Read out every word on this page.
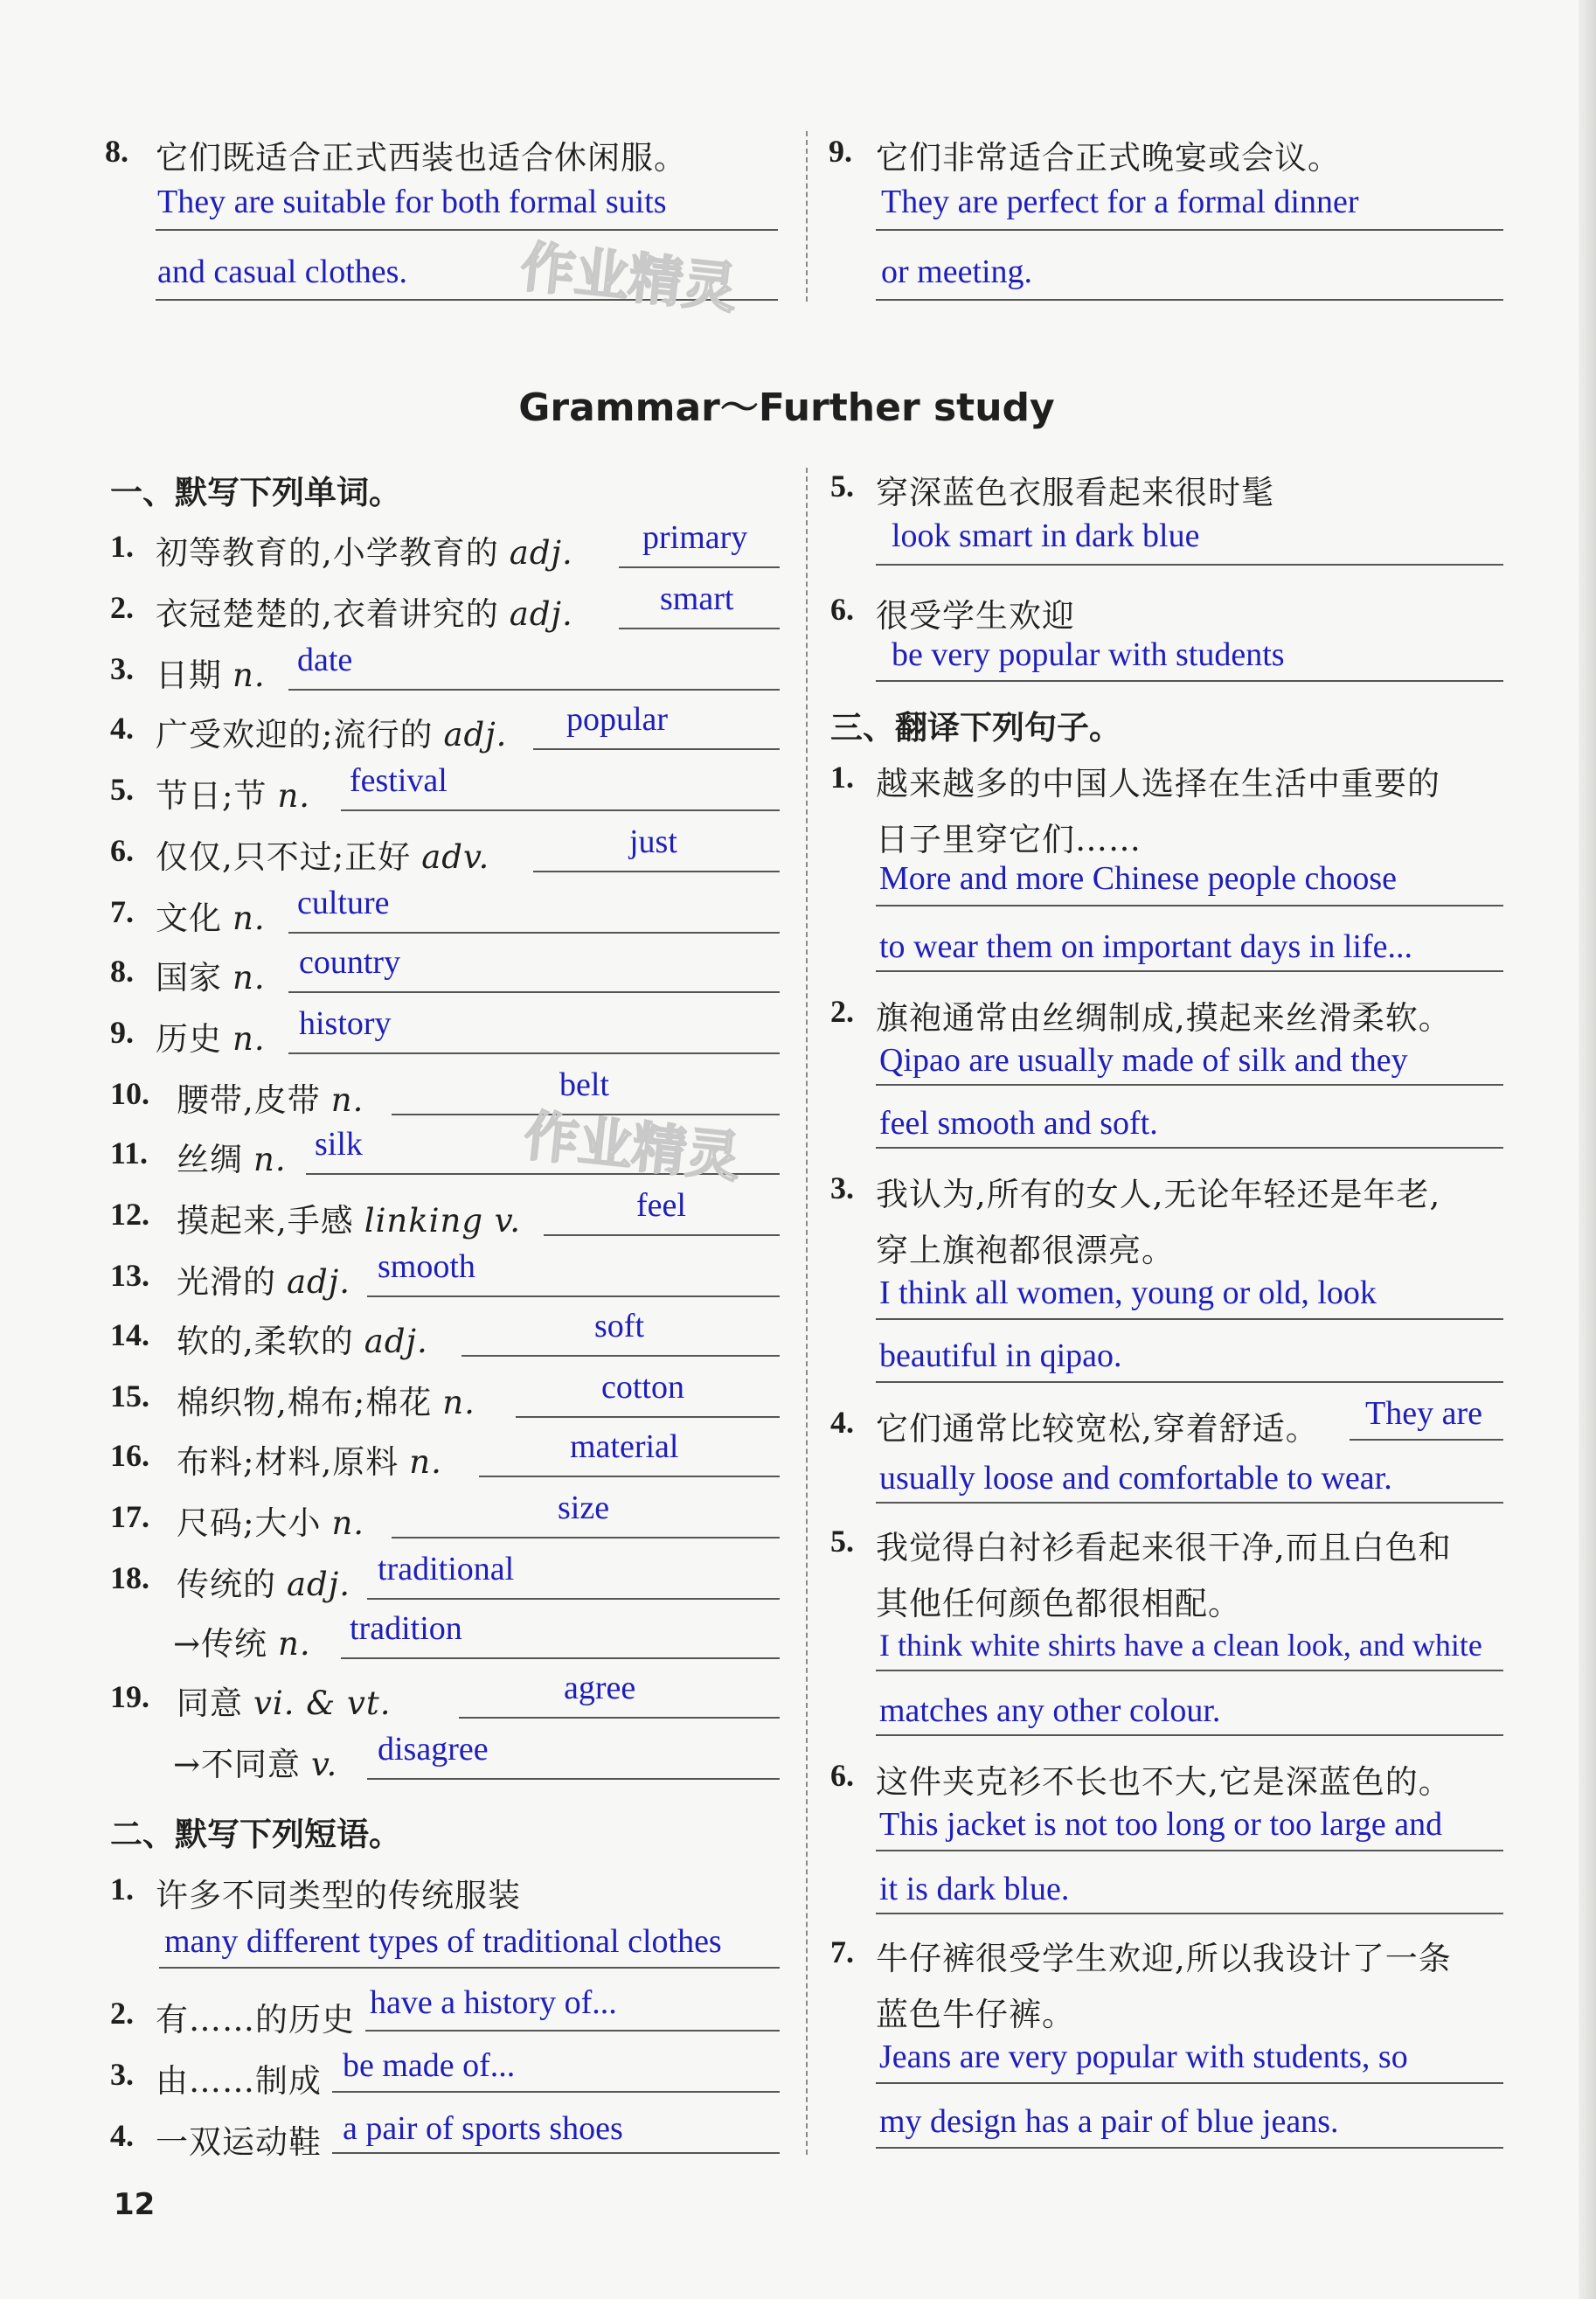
8. 它们既适合正式西装也适合休闲服。
They are suitable for both formal suits
and casual clothes. 作业精灵
9. 它们非常适合正式晚宴或会议。
They are perfect for a formal dinner
or meeting.
Grammar～Further study
一、默写下列单词。
1. 初等教育的,小学教育的 adj. primary
2. 衣冠楚楚的,衣着讲究的 adj.	smart
3. 日期 n. date
4. 广受欢迎的;流行的 adj. popular
5. 节日;节 n. festival
6. 仅仅,只不过;正好 adv.	just
7. 文化 n. culture
8. 国家 n. country
9. 历史 n. history
10. 腰带,皮带 n.	belt
11. 丝绸 n. silk
12. 摸起来,手感 linking v.	feel
13. 光滑的 adj. smooth
14. 软的,柔软的 adj.	soft
15. 棉织物,棉布;棉花 n.	cotton
16. 布料;材料,原料 n.	material
17. 尺码;大小 n.	size
18. 传统的 adj. traditional
→传统 n. tradition
19. 同意 vi. & vt.	agree
→不同意 v. disagree
作业精灵
二、默写下列短语。
1. 许多不同类型的传统服装
many different types of traditional clothes
2. 有……的历史 have a history of...
3. 由……制成 be made of...
4. 一双运动鞋 a pair of sports shoes
5. 穿深蓝色衣服看起来很时髦
look smart in dark blue
6. 很受学生欢迎
be very popular with students
三、翻译下列句子。
1. 越来越多的中国人选择在生活中重要的
日子里穿它们……
More and more Chinese people choose
to wear them on important days in life...
2. 旗袍通常由丝绸制成,摸起来丝滑柔软。
Qipao are usually made of silk and they
feel smooth and soft.
3. 我认为,所有的女人,无论年轻还是年老,
穿上旗袍都很漂亮。
I think all women, young or old, look
beautiful in qipao.
4. 它们通常比较宽松,穿着舒适。 They are
usually loose and comfortable to wear.
5. 我觉得白衬衫看起来很干净,而且白色和
其他任何颜色都很相配。
I think white shirts have a clean look, and white
matches any other colour.
6. 这件夹克衫不长也不大,它是深蓝色的。
This jacket is not too long or too large and
it is dark blue.
7. 牛仔裤很受学生欢迎,所以我设计了一条
蓝色牛仔裤。
Jeans are very popular with students, so
my design has a pair of blue jeans.
12
